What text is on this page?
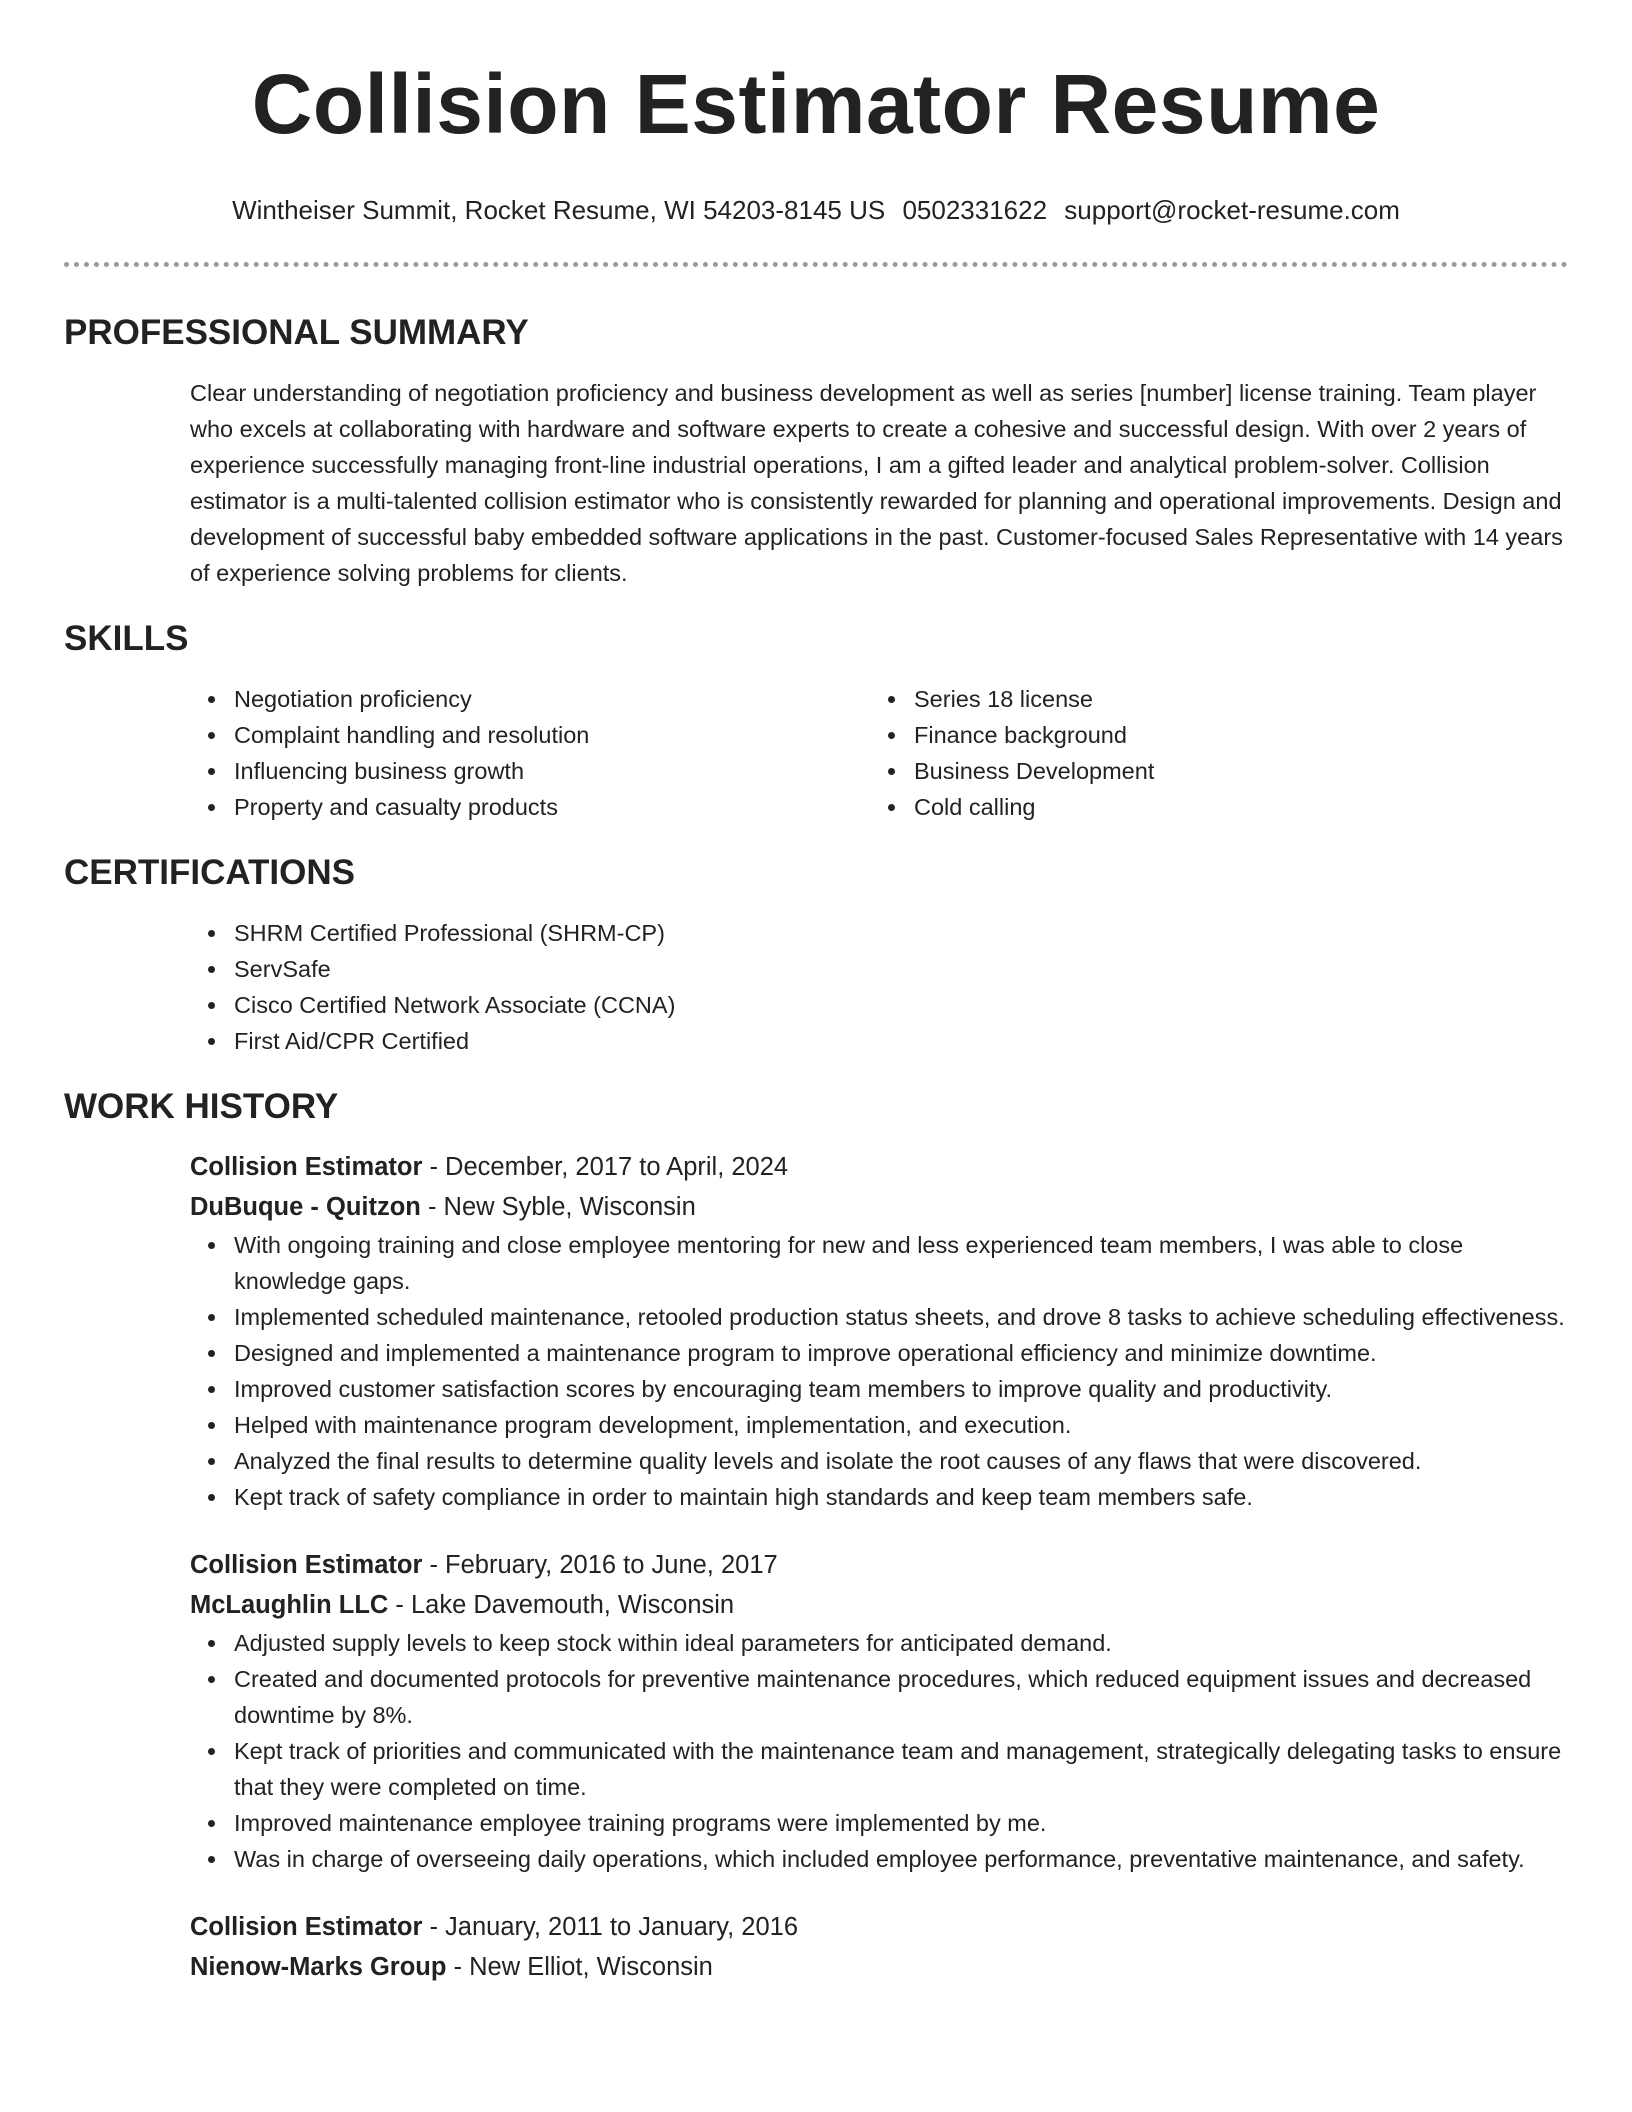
Collision Estimator Resume
Wintheiser Summit, Rocket Resume, WI 54203-8145 US 0502331622 support@rocket-resume.com
PROFESSIONAL SUMMARY

Clear understanding of negotiation proficiency and business development as well as series [number] license training. Team player who excels at collaborating with hardware and software experts to create a cohesive and successful design. With over 2 years of experience successfully managing front-line industrial operations, I am a gifted leader and analytical problem-solver. Collision estimator is a multi-talented collision estimator who is consistently rewarded for planning and operational improvements. Design and development of successful baby embedded software applications in the past. Customer-focused Sales Representative with 14 years of experience solving problems for clients.

SKILLS
Negotiation proficiency
Complaint handling and resolution
Influencing business growth
Property and casualty products
Series 18 license
Finance background
Business Development
Cold calling
CERTIFICATIONS
SHRM Certified Professional (SHRM-CP)
ServSafe
Cisco Certified Network Associate (CCNA)
First Aid/CPR Certified
WORK HISTORY
Collision Estimator - December, 2017 to April, 2024
DuBuque - Quitzon - New Syble, Wisconsin
With ongoing training and close employee mentoring for new and less experienced team members, I was able to close knowledge gaps.
Implemented scheduled maintenance, retooled production status sheets, and drove 8 tasks to achieve scheduling effectiveness.
Designed and implemented a maintenance program to improve operational efficiency and minimize downtime.
Improved customer satisfaction scores by encouraging team members to improve quality and productivity.
Helped with maintenance program development, implementation, and execution.
Analyzed the final results to determine quality levels and isolate the root causes of any flaws that were discovered.
Kept track of safety compliance in order to maintain high standards and keep team members safe.
Collision Estimator - February, 2016 to June, 2017
McLaughlin LLC - Lake Davemouth, Wisconsin
Adjusted supply levels to keep stock within ideal parameters for anticipated demand.
Created and documented protocols for preventive maintenance procedures, which reduced equipment issues and decreased downtime by 8%.
Kept track of priorities and communicated with the maintenance team and management, strategically delegating tasks to ensure that they were completed on time.
Improved maintenance employee training programs were implemented by me.
Was in charge of overseeing daily operations, which included employee performance, preventative maintenance, and safety.
Collision Estimator - January, 2011 to January, 2016
Nienow-Marks Group - New Elliot, Wisconsin
